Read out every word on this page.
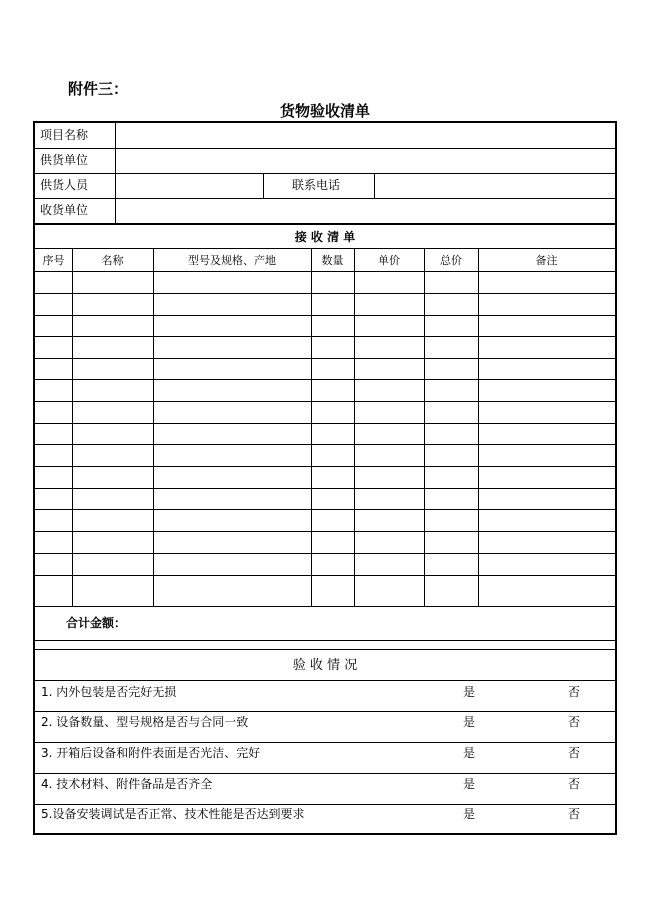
附件三：
货物验收清单
项目名称
供货单位
供货人员	联系电话
收货单位
接 收 清 单
序号	名称	型号及规格、产地	数量	单价	总价	备注
合计金额：
验 收 情 况
1. 内外包装是否完好无损	是	否
2. 设备数量、型号规格是否与合同一致	是	否
3. 开箱后设备和附件表面是否光洁、完好	是	否
4. 技术材料、附件备品是否齐全	是	否
5.设备安装调试是否正常、技术性能是否达到要求	是	否
